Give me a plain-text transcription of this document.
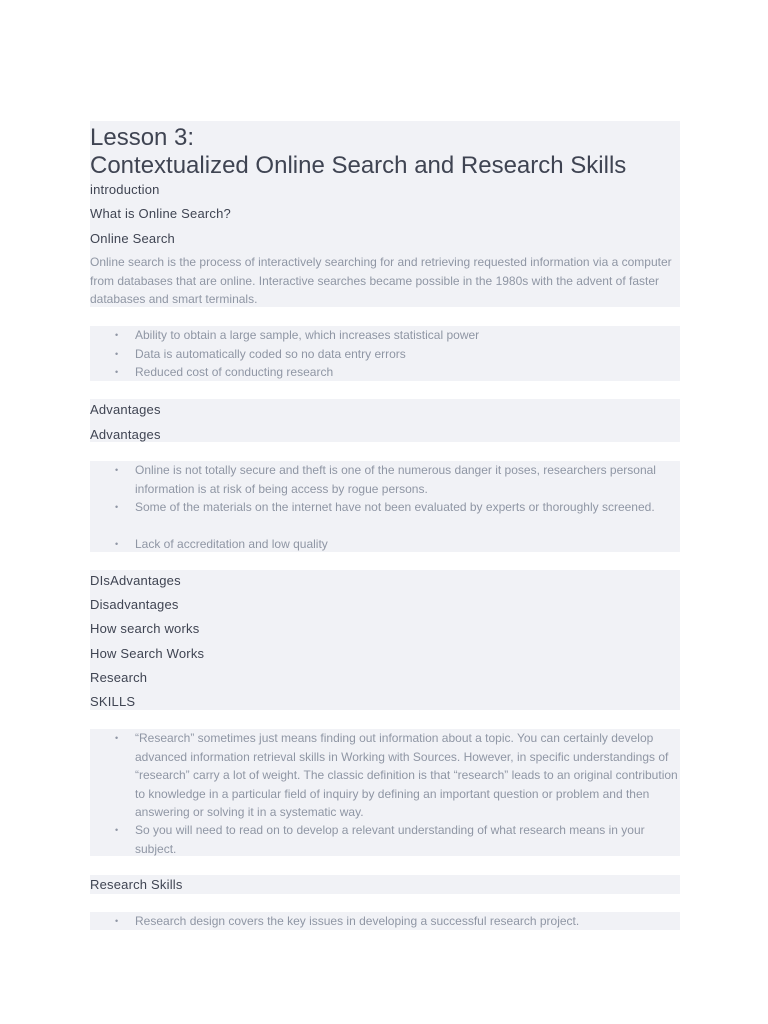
Lesson 3:
Contextualized Online Search and Research Skills
introduction
What is Online Search?
Online Search
Online search is the process of interactively searching for and retrieving requested information via a computer from databases that are online. Interactive searches became possible in the 1980s with the advent of faster databases and smart terminals.
• Ability to obtain a large sample, which increases statistical power
• Data is automatically coded so no data entry errors
• Reduced cost of conducting research
Advantages
Advantages
• Online is not totally secure and theft is one of the numerous danger it poses, researchers personal information is at risk of being access by rogue persons.
• Some of the materials on the internet have not been evaluated by experts or thoroughly screened.
• Lack of accreditation and low quality
DIsAdvantages
Disadvantages
How search works
How Search Works
Research
SKILLS
• “Research” sometimes just means finding out information about a topic. You can certainly develop advanced information retrieval skills in Working with Sources. However, in specific understandings of “research” carry a lot of weight. The classic definition is that “research” leads to an original contribution to knowledge in a particular field of inquiry by defining an important question or problem and then answering or solving it in a systematic way.
• So you will need to read on to develop a relevant understanding of what research means in your subject.
Research Skills
• Research design covers the key issues in developing a successful research project.
